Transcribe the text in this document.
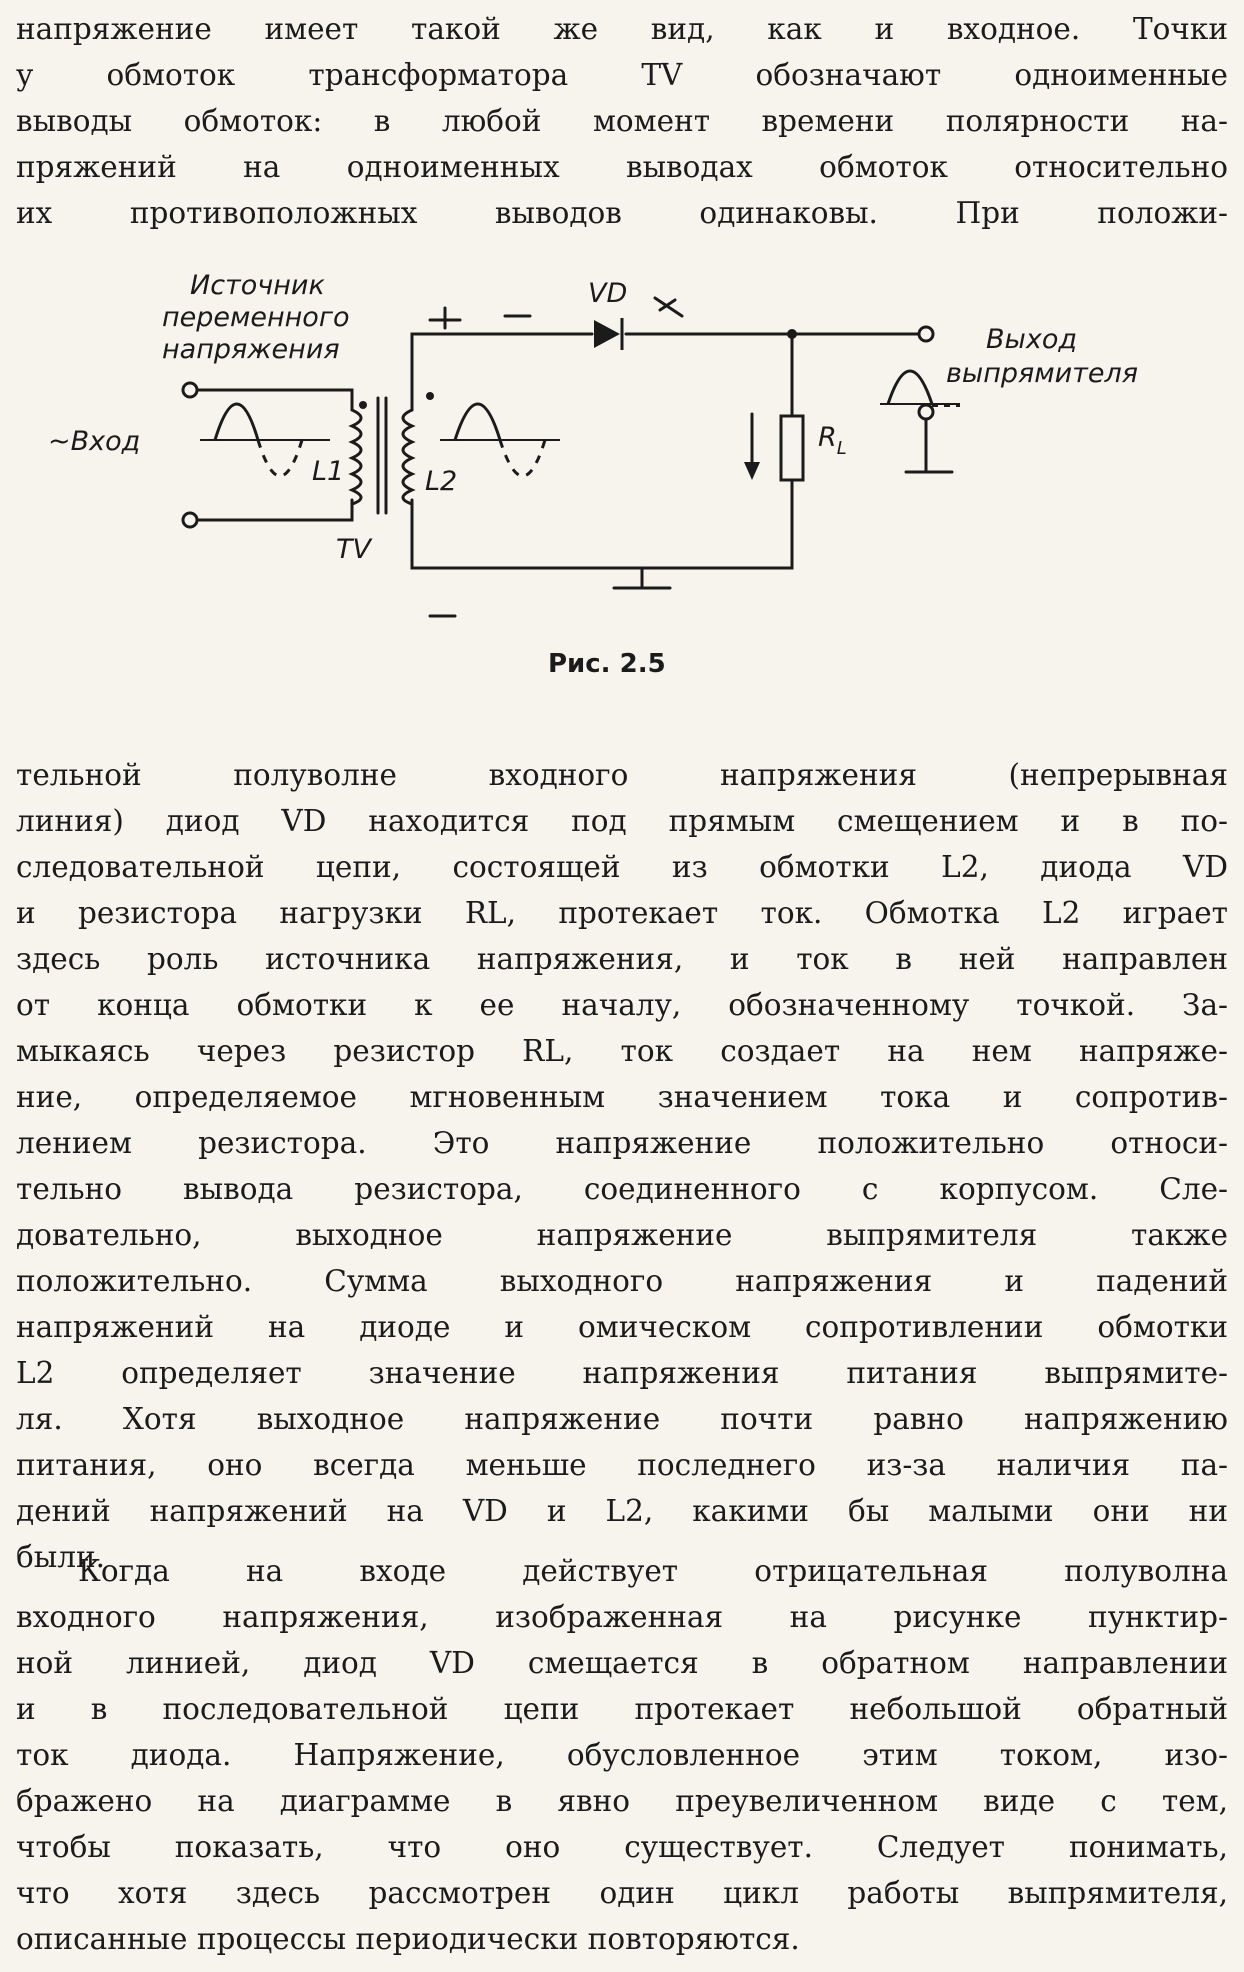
напряжение имеет такой же вид, как и входное. Точки
у обмоток трансформатора TV обозначают одноименные
выводы обмоток: в любой момент времени полярности на-
пряжений на одноименных выводах обмоток относительно
их противоположных выводов одинаковы. При положи-
Источник
переменного
напряжения
~Вход
L1	L2
TV
VD
$R_L$
Выход
выпрямителя
Рис. 2.5
тельной полуволне входного напряжения (непрерывная
линия) диод VD находится под прямым смещением и в по-
следовательной цепи, состоящей из обмотки L2, диода VD
и резистора нагрузки RL, протекает ток. Обмотка L2 играет
здесь роль источника напряжения, и ток в ней направлен
от конца обмотки к ее началу, обозначенному точкой. За-
мыкаясь через резистор RL, ток создает на нем напряже-
ние, определяемое мгновенным значением тока и сопротив-
лением резистора. Это напряжение положительно относи-
тельно вывода резистора, соединенного с корпусом. Сле-
довательно, выходное напряжение выпрямителя также
положительно. Сумма выходного напряжения и падений
напряжений на диоде и омическом сопротивлении обмотки
L2 определяет значение напряжения питания выпрямите-
ля. Хотя выходное напряжение почти равно напряжению
питания, оно всегда меньше последнего из-за наличия па-
дений напряжений на VD и L2, какими бы малыми они ни
были.
Когда на входе действует отрицательная полуволна
входного напряжения, изображенная на рисунке пунктир-
ной линией, диод VD смещается в обратном направлении
и в последовательной цепи протекает небольшой обратный
ток диода. Напряжение, обусловленное этим током, изо-
бражено на диаграмме в явно преувеличенном виде с тем,
чтобы показать, что оно существует. Следует понимать,
что хотя здесь рассмотрен один цикл работы выпрямителя,
описанные процессы периодически повторяются.
